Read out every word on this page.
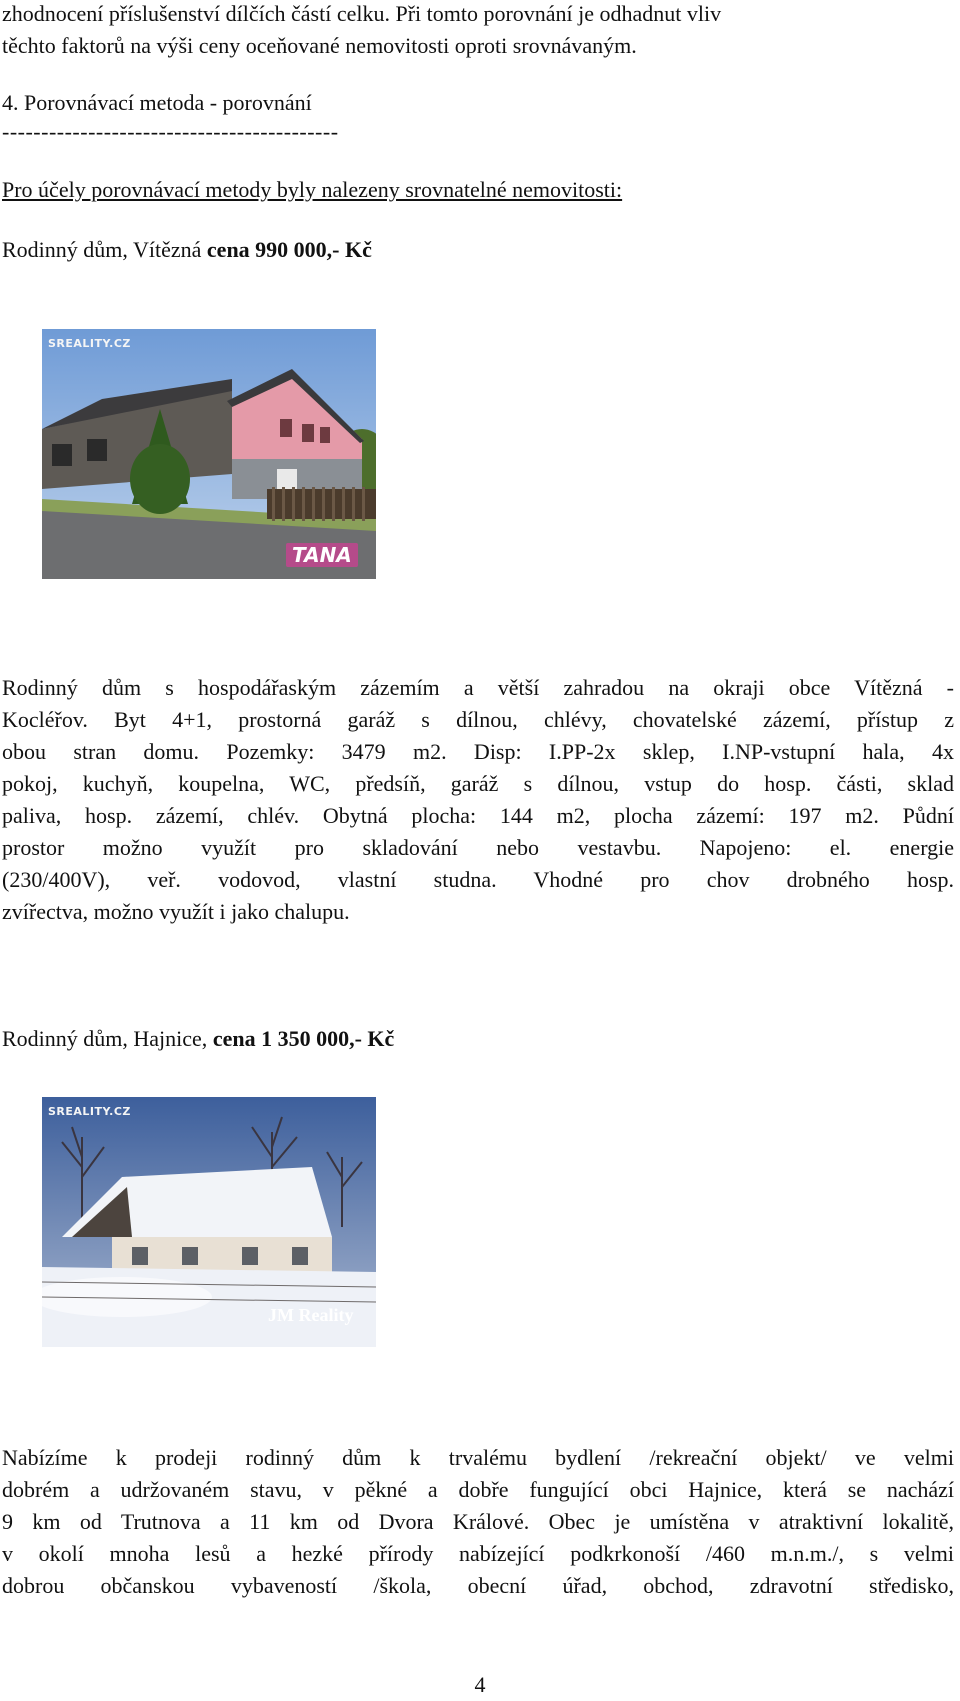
zhodnocení příslušenství dílčích částí celku. Při tomto porovnání je odhadnut vliv
těchto faktorů na výši ceny oceňované nemovitosti oproti srovnávaným.
4. Porovnávací metoda - porovnání
-------------------------------------------
Pro účely porovnávací metody byly nalezeny srovnatelné nemovitosti:
Rodinný dům, Vítězná cena 990 000,- Kč
SREALITY.CZ
TANA
Rodinný dům s hospodářaským zázemím a větší zahradou na okraji obce Vítězná -
Kocléřov. Byt 4+1, prostorná garáž s dílnou, chlévy, chovatelské zázemí, přístup z
obou stran domu. Pozemky: 3479 m2. Disp: I.PP-2x sklep, I.NP-vstupní hala, 4x
pokoj, kuchyň, koupelna, WC, předsíň, garáž s dílnou, vstup do hosp. části, sklad
paliva, hosp. zázemí, chlév. Obytná plocha: 144 m2, plocha zázemí: 197 m2. Půdní
prostor možno využít pro skladování nebo vestavbu. Napojeno: el. energie
(230/400V), veř. vodovod, vlastní studna. Vhodné pro chov drobného hosp.
zvířectva, možno využít i jako chalupu.
Rodinný dům, Hajnice, cena 1 350 000,- Kč
SREALITY.CZ
JM Reality
Nabízíme k prodeji rodinný dům k trvalému bydlení /rekreační objekt/ ve velmi
dobrém a udržovaném stavu, v pěkné a dobře fungující obci Hajnice, která se nachází
9 km od Trutnova a 11 km od Dvora Králové. Obec je umístěna v atraktivní lokalitě,
v okolí mnoha lesů a hezké přírody nabízející podkrkonoší /460 m.n.m./, s velmi
dobrou občanskou vybaveností /škola, obecní úřad, obchod, zdravotní středisko,
4
